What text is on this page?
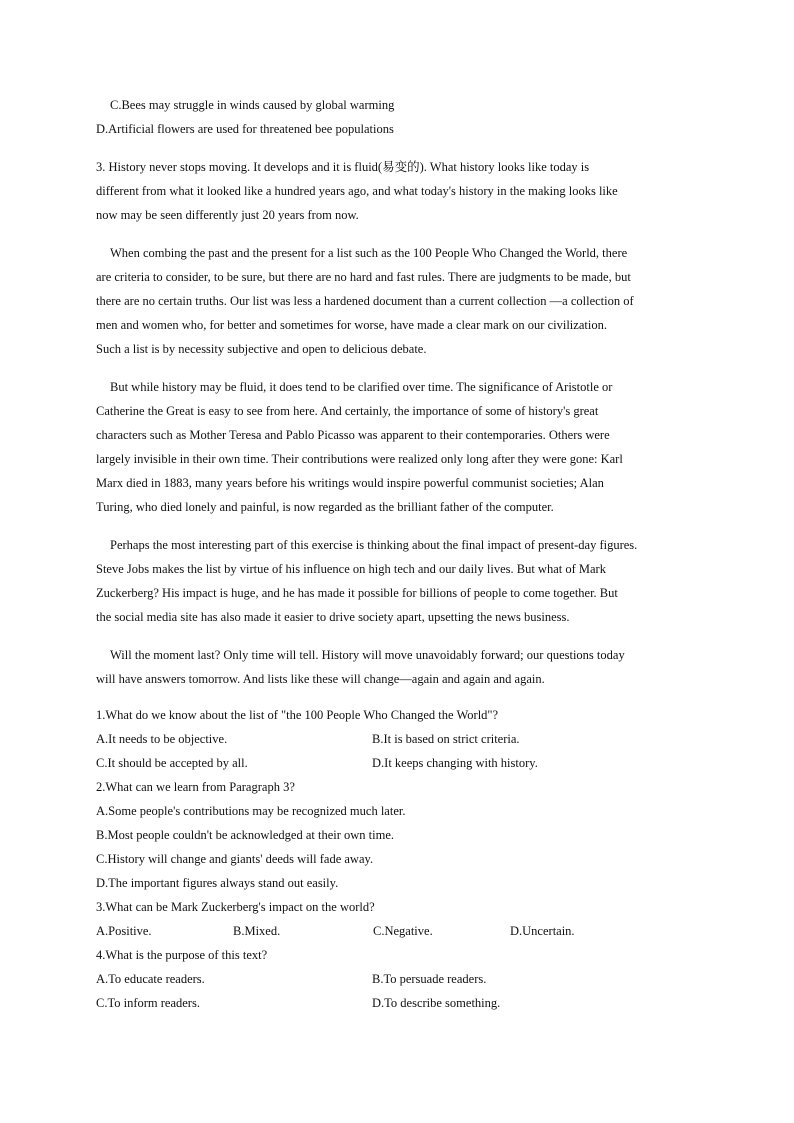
C.Bees may struggle in winds caused by global warming
D.Artificial flowers are used for threatened bee populations
3. History never stops moving. It develops and it is fluid(易变的). What history looks like today is
different from what it looked like a hundred years ago, and what today's history in the making looks like
now may be seen differently just 20 years from now.
When combing the past and the present for a list such as the 100 People Who Changed the World, there
are criteria to consider, to be sure, but there are no hard and fast rules. There are judgments to be made, but
there are no certain truths. Our list was less a hardened document than a current collection —a collection of
men and women who, for better and sometimes for worse, have made a clear mark on our civilization.
Such a list is by necessity subjective and open to delicious debate.
But while history may be fluid, it does tend to be clarified over time. The significance of Aristotle or
Catherine the Great is easy to see from here. And certainly, the importance of some of history's great
characters such as Mother Teresa and Pablo Picasso was apparent to their contemporaries. Others were
largely invisible in their own time. Their contributions were realized only long after they were gone: Karl
Marx died in 1883, many years before his writings would inspire powerful communist societies; Alan
Turing, who died lonely and painful, is now regarded as the brilliant father of the computer.
Perhaps the most interesting part of this exercise is thinking about the final impact of present-day figures.
Steve Jobs makes the list by virtue of his influence on high tech and our daily lives. But what of Mark
Zuckerberg? His impact is huge, and he has made it possible for billions of people to come together. But
the social media site has also made it easier to drive society apart, upsetting the news business.
Will the moment last? Only time will tell. History will move unavoidably forward; our questions today
will have answers tomorrow. And lists like these will change—again and again and again.
1.What do we know about the list of "the 100 People Who Changed the World"?
A.It needs to be objective.	B.It is based on strict criteria.
C.It should be accepted by all.	D.It keeps changing with history.
2.What can we learn from Paragraph 3?
A.Some people's contributions may be recognized much later.
B.Most people couldn't be acknowledged at their own time.
C.History will change and giants' deeds will fade away.
D.The important figures always stand out easily.
3.What can be Mark Zuckerberg's impact on the world?
A.Positive.	B.Mixed.	C.Negative.	D.Uncertain.
4.What is the purpose of this text?
A.To educate readers.	B.To persuade readers.
C.To inform readers.	D.To describe something.
